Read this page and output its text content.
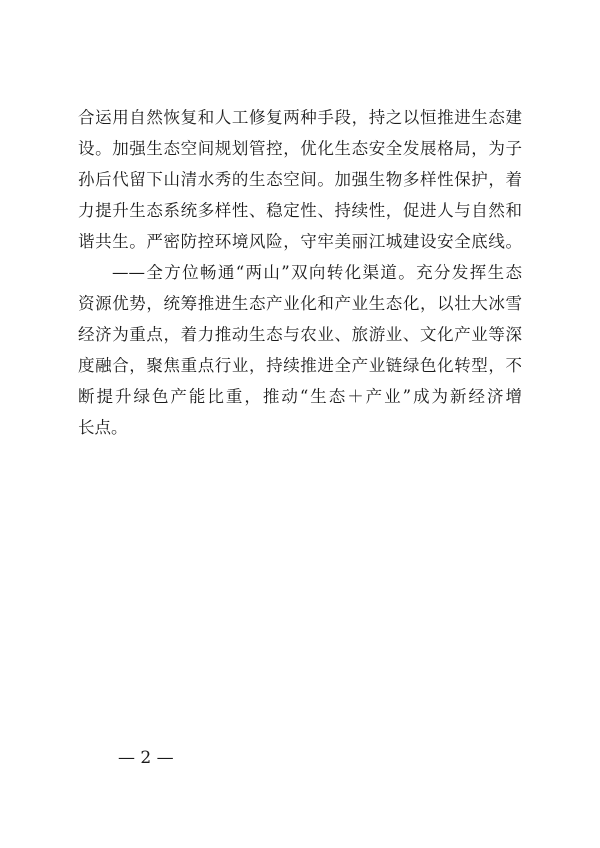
合运用自然恢复和人工修复两种手段，持之以恒推进生态建
设。加强生态空间规划管控，优化生态安全发展格局，为子
孙后代留下山清水秀的生态空间。加强生物多样性保护，着
力提升生态系统多样性、稳定性、持续性，促进人与自然和
谐共生。严密防控环境风险，守牢美丽江城建设安全底线。
——全方位畅通“两山”双向转化渠道。充分发挥生态
资源优势，统筹推进生态产业化和产业生态化，以壮大冰雪
经济为重点，着力推动生态与农业、旅游业、文化产业等深
度融合，聚焦重点行业，持续推进全产业链绿色化转型，不
断提升绿色产能比重，推动“生态＋产业”成为新经济增
长点。
— 2 —
